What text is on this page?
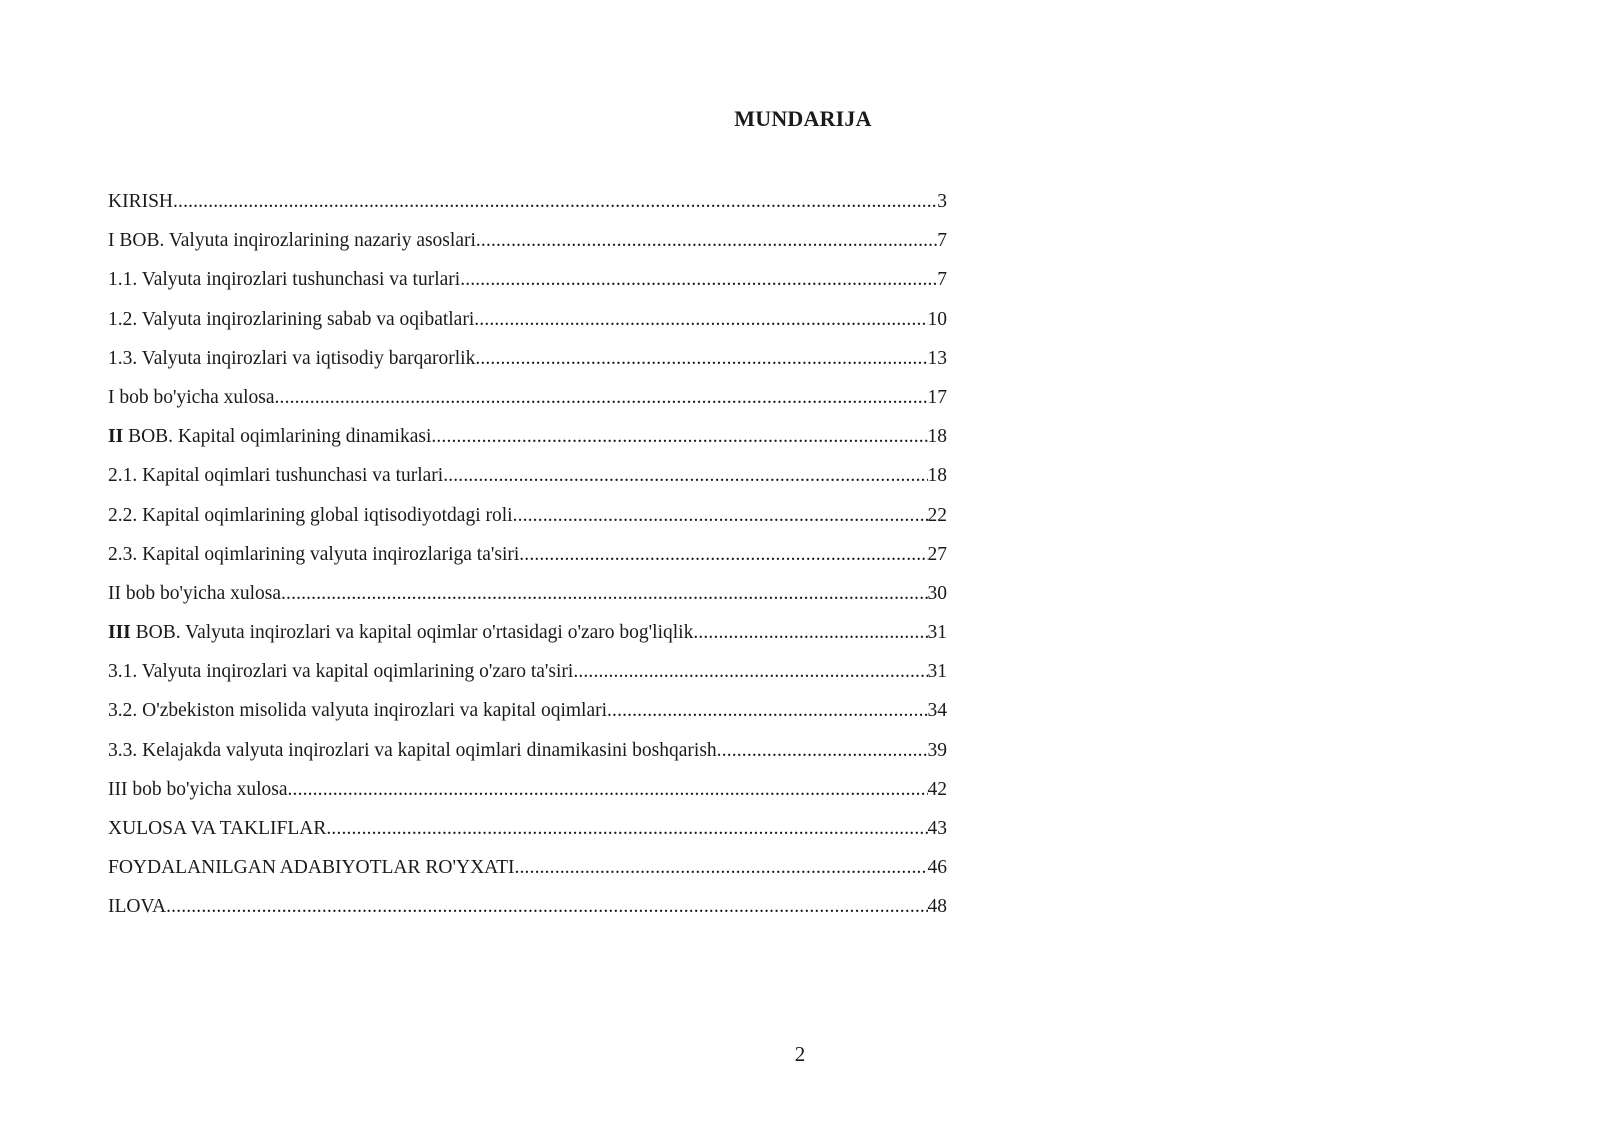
MUNDARIJA
KIRISH .....	3
I BOB. Valyuta inqirozlarining nazariy asoslari .....	7
1.1. Valyuta inqirozlari tushunchasi va turlari .....	7
1.2. Valyuta inqirozlarining sabab va oqibatlari .....	10
1.3. Valyuta inqirozlari va iqtisodiy barqarorlik .....	13
I bob bo'yicha xulosa .....	17
II BOB. Kapital oqimlarining dinamikasi .....	18
2.1. Kapital oqimlari tushunchasi va turlari .....	18
2.2. Kapital oqimlarining global iqtisodiyotdagi roli .....	22
2.3. Kapital oqimlarining valyuta inqirozlariga ta'siri .....	27
II bob bo'yicha xulosa .....	30
III BOB. Valyuta inqirozlari va kapital oqimlar o'rtasidagi o'zaro bog'liqlik .....	31
3.1. Valyuta inqirozlari va kapital oqimlarining o'zaro ta'siri .....	31
3.2. O'zbekiston misolida valyuta inqirozlari va kapital oqimlari .....	34
3.3. Kelajakda valyuta inqirozlari va kapital oqimlari dinamikasini boshqarish .....	39
III bob bo'yicha xulosa .....	42
XULOSA VA TAKLIFLAR .....	43
FOYDALANILGAN ADABIYOTLAR RO'YXATI .....	46
ILOVA .....	48
2
